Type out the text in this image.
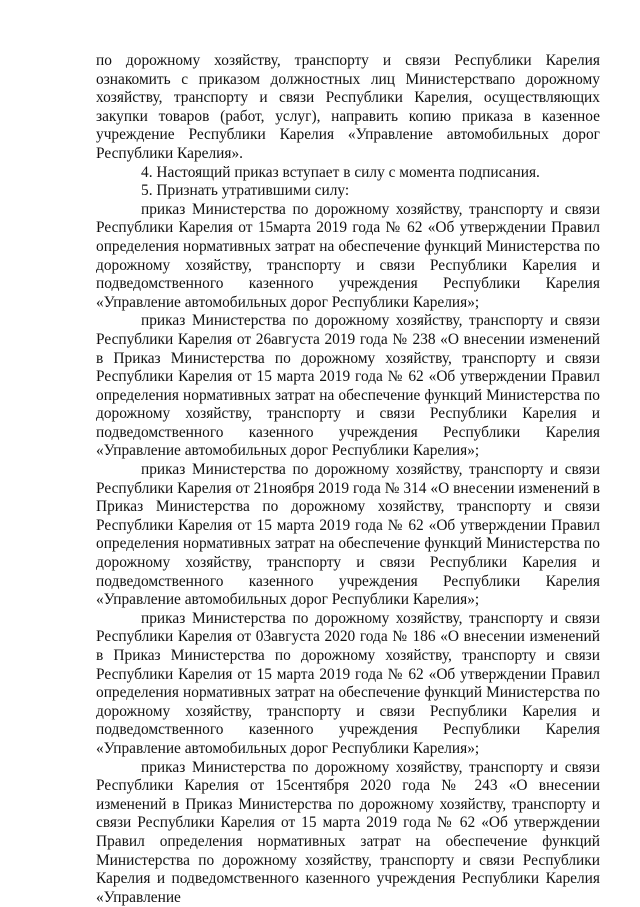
по дорожному хозяйству, транспорту и связи Республики Карелия ознакомить с приказом должностных лиц Министерствапо дорожному хозяйству, транспорту и связи Республики Карелия, осуществляющих закупки товаров (работ, услуг), направить копию приказа в казенное учреждение Республики Карелия «Управление автомобильных дорог Республики Карелия».

4. Настоящий приказ вступает в силу с момента подписания.

5. Признать утратившими силу:

приказ Министерства по дорожному хозяйству, транспорту и связи Республики Карелия от 15марта 2019 года № 62 «Об утверждении Правил определения нормативных затрат на обеспечение функций Министерства по дорожному хозяйству, транспорту и связи Республики Карелия и подведомственного казенного учреждения Республики Карелия «Управление автомобильных дорог Республики Карелия»;

приказ Министерства по дорожному хозяйству, транспорту и связи Республики Карелия от 26августа 2019 года № 238 «О внесении изменений в Приказ Министерства по дорожному хозяйству, транспорту и связи Республики Карелия от 15 марта 2019 года № 62 «Об утверждении Правил определения нормативных затрат на обеспечение функций Министерства по дорожному хозяйству, транспорту и связи Республики Карелия и подведомственного казенного учреждения Республики Карелия «Управление автомобильных дорог Республики Карелия»;

приказ Министерства по дорожному хозяйству, транспорту и связи Республики Карелия от 21ноября 2019 года № 314 «О внесении изменений в Приказ Министерства по дорожному хозяйству, транспорту и связи Республики Карелия от 15 марта 2019 года № 62 «Об утверждении Правил определения нормативных затрат на обеспечение функций Министерства по дорожному хозяйству, транспорту и связи Республики Карелия и подведомственного казенного учреждения Республики Карелия «Управление автомобильных дорог Республики Карелия»;

приказ Министерства по дорожному хозяйству, транспорту и связи Республики Карелия от 03августа 2020 года № 186 «О внесении изменений в Приказ Министерства по дорожному хозяйству, транспорту и связи Республики Карелия от 15 марта 2019 года № 62 «Об утверждении Правил определения нормативных затрат на обеспечение функций Министерства по дорожному хозяйству, транспорту и связи Республики Карелия и подведомственного казенного учреждения Республики Карелия «Управление автомобильных дорог Республики Карелия»;

приказ Министерства по дорожному хозяйству, транспорту и связи Республики Карелия от 15сентября 2020 года № 243 «О внесении изменений в Приказ Министерства по дорожному хозяйству, транспорту и связи Республики Карелия от 15 марта 2019 года № 62 «Об утверждении Правил определения нормативных затрат на обеспечение функций Министерства по дорожному хозяйству, транспорту и связи Республики Карелия и подведомственного казенного учреждения Республики Карелия «Управление
